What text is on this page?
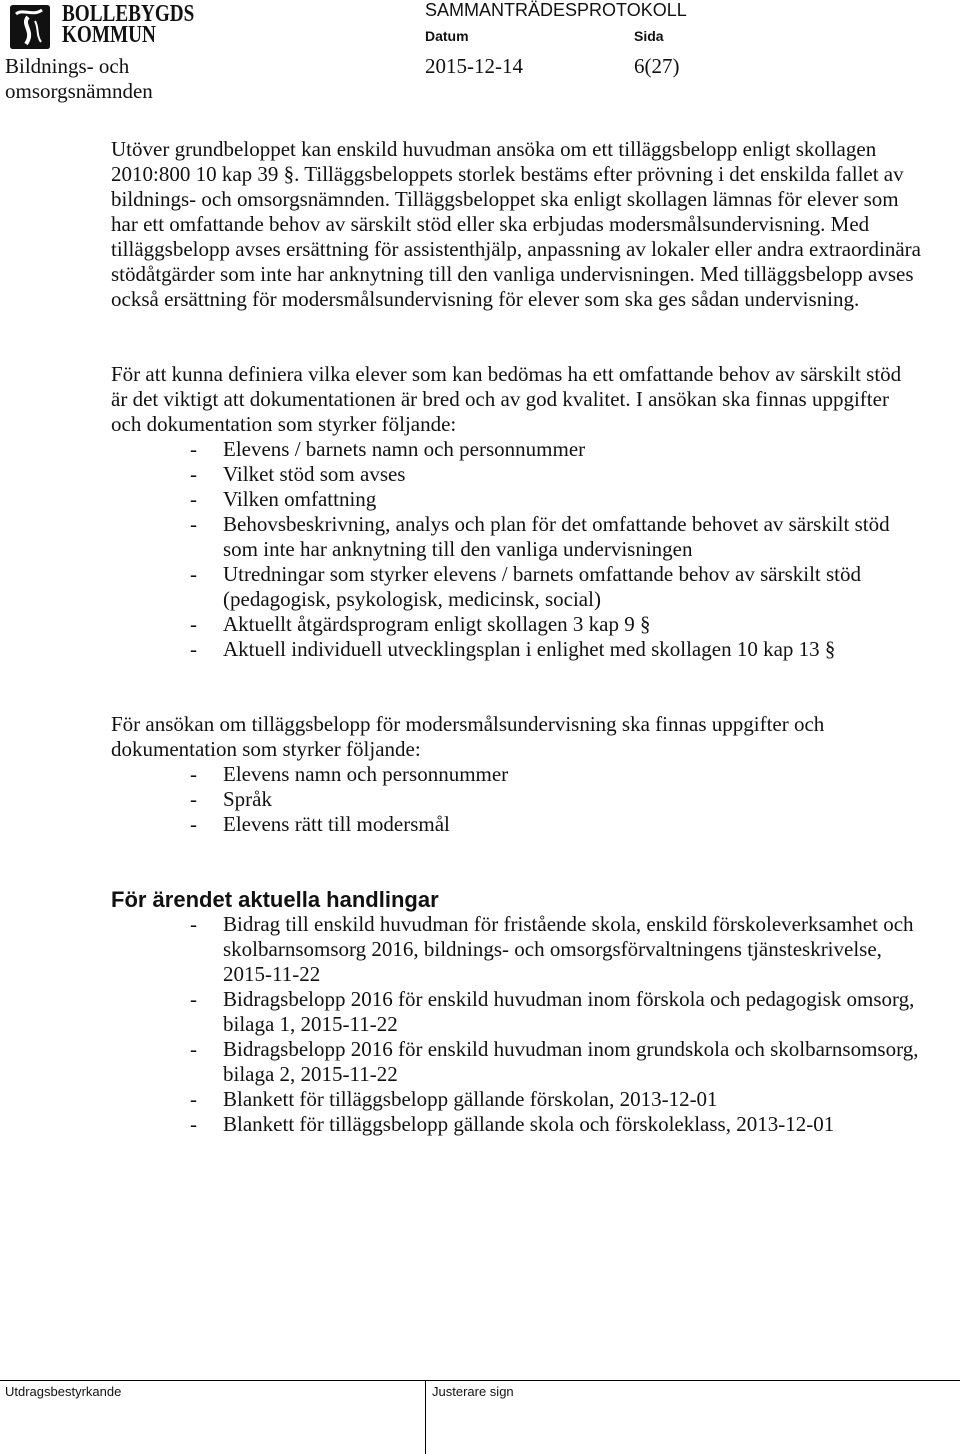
BOLLEBYGDS
KOMMUN
Bildnings- och
omsorgsnämnden
SAMMANTRÄDESPROTOKOLL
Datum	Sida
2015-12-14	6(27)
Utöver grundbeloppet kan enskild huvudman ansöka om ett tilläggsbelopp enligt skollagen
2010:800 10 kap 39 §. Tilläggsbeloppets storlek bestäms efter prövning i det enskilda fallet av
bildnings- och omsorgsnämnden. Tilläggsbeloppet ska enligt skollagen lämnas för elever som
har ett omfattande behov av särskilt stöd eller ska erbjudas modersmålsundervisning. Med
tilläggsbelopp avses ersättning för assistenthjälp, anpassning av lokaler eller andra extraordinära
stödåtgärder som inte har anknytning till den vanliga undervisningen. Med tilläggsbelopp avses
också ersättning för modersmålsundervisning för elever som ska ges sådan undervisning.
För att kunna definiera vilka elever som kan bedömas ha ett omfattande behov av särskilt stöd
är det viktigt att dokumentationen är bred och av god kvalitet. I ansökan ska finnas uppgifter
och dokumentation som styrker följande:
- Elevens / barnets namn och personnummer
- Vilket stöd som avses
- Vilken omfattning
- Behovsbeskrivning, analys och plan för det omfattande behovet av särskilt stöd
som inte har anknytning till den vanliga undervisningen
- Utredningar som styrker elevens / barnets omfattande behov av särskilt stöd
(pedagogisk, psykologisk, medicinsk, social)
- Aktuellt åtgärdsprogram enligt skollagen 3 kap 9 §
- Aktuell individuell utvecklingsplan i enlighet med skollagen 10 kap 13 §
För ansökan om tilläggsbelopp för modersmålsundervisning ska finnas uppgifter och
dokumentation som styrker följande:
- Elevens namn och personnummer
- Språk
- Elevens rätt till modersmål
För ärendet aktuella handlingar
- Bidrag till enskild huvudman för fristående skola, enskild förskoleverksamhet och
skolbarnsomsorg 2016, bildnings- och omsorgsförvaltningens tjänsteskrivelse,
2015-11-22
- Bidragsbelopp 2016 för enskild huvudman inom förskola och pedagogisk omsorg,
bilaga 1, 2015-11-22
- Bidragsbelopp 2016 för enskild huvudman inom grundskola och skolbarnsomsorg,
bilaga 2, 2015-11-22
- Blankett för tilläggsbelopp gällande förskolan, 2013-12-01
- Blankett för tilläggsbelopp gällande skola och förskoleklass, 2013-12-01
Utdragsbestyrkande	Justerare sign
